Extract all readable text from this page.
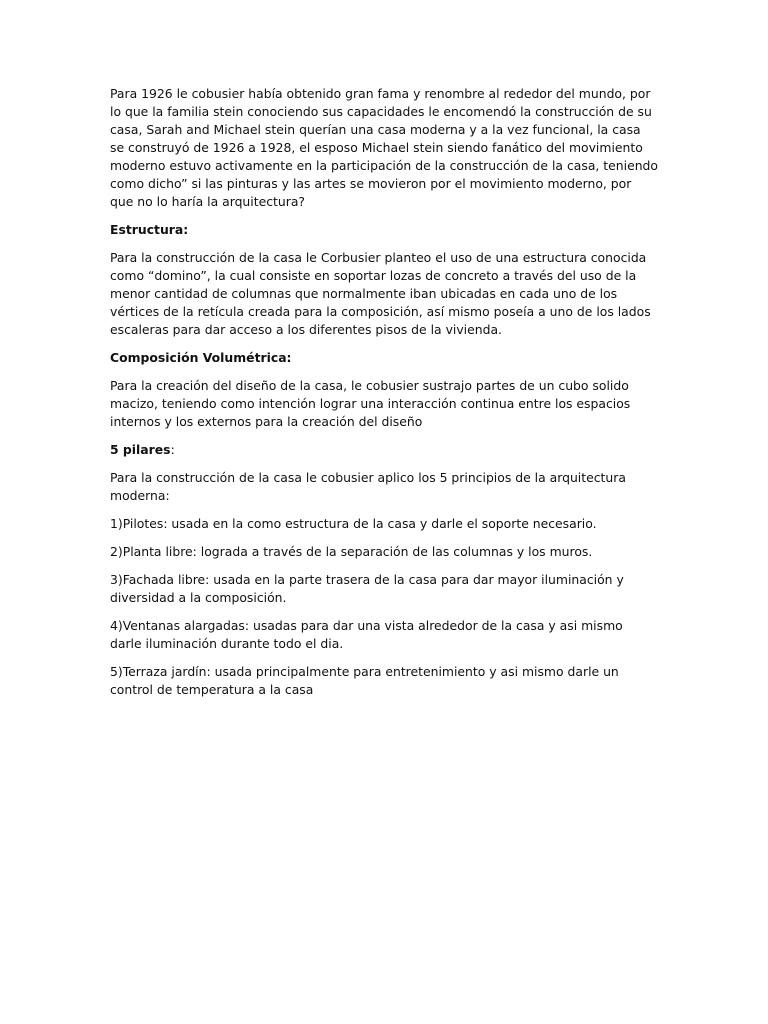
Para 1926 le cobusier había obtenido gran fama y renombre al rededor del mundo, por lo que la familia stein conociendo sus capacidades le encomendó la construcción de su casa, Sarah and Michael stein querían una casa moderna y a la vez funcional, la casa se construyó de 1926 a 1928, el esposo Michael stein siendo fanático del movimiento moderno estuvo activamente en la participación de la construcción de la casa, teniendo como dicho” si las pinturas y las artes se movieron por el movimiento moderno, por que no lo haría la arquitectura?

Estructura:

Para la construcción de la casa le Corbusier planteo el uso de una estructura conocida como “domino”, la cual consiste en soportar lozas de concreto a través del uso de la menor cantidad de columnas que normalmente iban ubicadas en cada uno de los vértices de la retícula creada para la composición, así mismo poseía a uno de los lados escaleras para dar acceso a los diferentes pisos de la vivienda.

Composición Volumétrica:

Para la creación del diseño de la casa, le cobusier sustrajo partes de un cubo solido macizo, teniendo como intención lograr una interacción continua entre los espacios internos y los externos para la creación del diseño

5 pilares:

Para la construcción de la casa le cobusier aplico los 5 principios de la arquitectura moderna:

1)Pilotes: usada en la como estructura de la casa y darle el soporte necesario.

2)Planta libre: lograda a través de la separación de las columnas y los muros.

3)Fachada libre: usada en la parte trasera de la casa para dar mayor iluminación y diversidad a la composición.

4)Ventanas alargadas: usadas para dar una vista alrededor de la casa y asi mismo darle iluminación durante todo el dia.

5)Terraza jardín: usada principalmente para entretenimiento y asi mismo darle un control de temperatura a la casa
